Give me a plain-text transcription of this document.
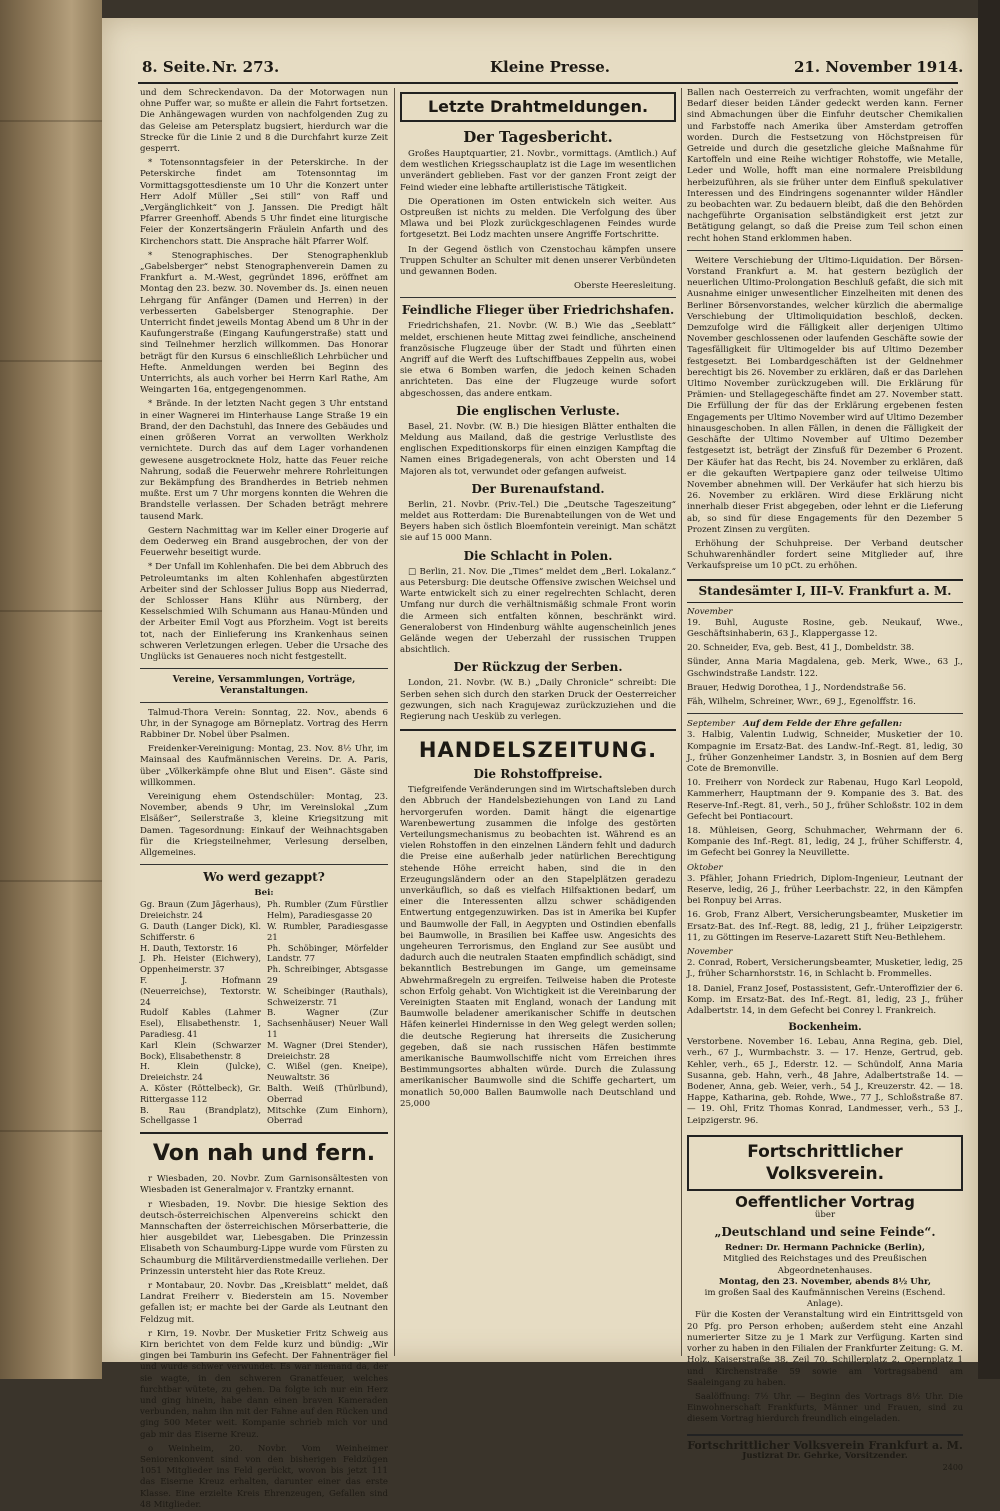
8. Seite. Nr. 273.	Kleine Presse.	21. November 1914.

und dem Schreckendavon. Da der Motorwagen nun ohne Puffer war, so mußte er allein die Fahrt fortsetzen. Die Anhängewagen wurden von nachfolgenden Zug zu das Geleise am Petersplatz bugsiert, hierdurch war die Strecke für die Linie 2 und 8 die Durchfahrt kurze Zeit gesperrt.

* Totensonntagsfeier in der Peterskirche. In der Peterskirche findet am Totensonntag im Vormittagsgottesdienste um 10 Uhr die Konzert unter Herr Adolf Müller „Sei still“ von Raff und „Vergänglichkeit“ von J. Janssen. Die Predigt hält Pfarrer Greenhoff. Abends 5 Uhr findet eine liturgische Feier der Konzertsängerin Fräulein Anfarth und des Kirchenchors statt. Die Ansprache hält Pfarrer Wolf.

* Stenographisches. Der Stenographenklub „Gabelsberger“ nebst Stenographenverein Damen zu Frankfurt a. M.-West, gegründet 1896, eröffnet am Montag den 23. bezw. 30. November ds. Js. einen neuen Lehrgang für Anfänger (Damen und Herren) in der verbesserten Gabelsberger Stenographie. Der Unterricht findet jeweils Montag Abend um 8 Uhr in der Kaufungerstraße (Eingang Kaufungerstraße) statt und sind Teilnehmer herzlich willkommen. Das Honorar beträgt für den Kursus 6 einschließlich Lehrbücher und Hefte. Anmeldungen werden bei Beginn des Unterrichts, als auch vorher bei Herrn Karl Rathe, Am Weingarten 16a, entgegengenommen.

* Brände. In der letzten Nacht gegen 3 Uhr entstand in einer Wagnerei im Hinterhause Lange Straße 19 ein Brand, der den Dachstuhl, das Innere des Gebäudes und einen größeren Vorrat an verwollten Werkholz vernichtete. Durch das auf dem Lager vorhandenen gewesene ausgetrocknete Holz, hatte das Feuer reiche Nahrung, sodaß die Feuerwehr mehrere Rohrleitungen zur Bekämpfung des Brandherdes in Betrieb nehmen mußte. Erst um 7 Uhr morgens konnten die Wehren die Brandstelle verlassen. Der Schaden beträgt mehrere tausend Mark.

Gestern Nachmittag war im Keller einer Drogerie auf dem Oederweg ein Brand ausgebrochen, der von der Feuerwehr beseitigt wurde.

* Der Unfall im Kohlenhafen. Die bei dem Abbruch des Petroleumtanks im alten Kohlenhafen abgestürzten Arbeiter sind der Schlosser Julius Bopp aus Niederrad, der Schlosser Hans Klühr aus Nürnberg, der Kesselschmied Wilh Schumann aus Hanau-Münden und der Arbeiter Emil Vogt aus Pforzheim. Vogt ist bereits tot, nach der Einlieferung ins Krankenhaus seinen schweren Verletzungen erlegen. Ueber die Ursache des Unglücks ist Genaueres noch nicht festgestellt.

Vereine, Versammlungen, Vorträge, Veranstaltungen.

Talmud-Thora Verein: Sonntag, 22. Nov., abends 6 Uhr, in der Synagoge am Börneplatz. Vortrag des Herrn Rabbiner Dr. Nobel über Psalmen.

Freidenker-Vereinigung: Montag, 23. Nov. 8½ Uhr, im Mainsaal des Kaufmännischen Vereins. Dr. A. Paris, über „Völkerkämpfe ohne Blut und Eisen“. Gäste sind willkommen.

Vereinigung ehem Ostendschüler: Montag, 23. November, abends 9 Uhr, im Vereinslokal „Zum Elsäßer“, Seilerstraße 3, kleine Kriegsitzung mit Damen. Tagesordnung: Einkauf der Weihnachtsgaben für die Kriegsteilnehmer, Verlesung derselben, Allgemeines.

Wo werd gezappt?
Bei:
Gg. Braun (Zum Jägerhaus), Dreieichstr. 24
G. Dauth (Langer Dick), Kl. Schifferstr. 6
H. Dauth, Textorstr. 16
J. Ph. Heister (Eichwery), Oppenheimerstr. 37
F. J. Hofmann (Neuerreichse), Textorstr. 24
Rudolf Kables (Lahmer Esel), Elisabethenstr. 1, Paradiesg. 41
Karl Klein (Schwarzer Bock), Elisabethenstr. 8
H. Klein (Julcke), Dreieichstr. 24
A. Köster (Röttelbeck), Gr. Rittergasse 112
B. Rau (Brandplatz), Schellgasse 1
Ph. Rumbler (Zum Fürstlier Helm), Paradiesgasse 20
W. Rumbler, Paradiesgasse 21
Ph. Schöbinger, Mörfelder Landstr. 77
Ph. Schreibinger, Abtsgasse 29
W. Scheibinger (Rauthals), Schweizerstr. 71
B. Wagner (Zur Sachsenhäuser) Neuer Wall 11
M. Wagner (Drei Stender), Dreieichstr. 28
C. Wißel (gen. Kneipe), Neuwaltstr. 36
Balth. Weiß (Thürlbund), Oberrad
Mitschke (Zum Einhorn), Oberrad
Von nah und fern.

r Wiesbaden, 20. Novbr. Zum Garnisonsältesten von Wiesbaden ist Generalmajor v. Frantzky ernannt.

r Wiesbaden, 19. Novbr. Die hiesige Sektion des deutsch-österreichischen Alpenvereins schickt den Mannschaften der österreichischen Mörserbatterie, die hier ausgebildet war, Liebesgaben. Die Prinzessin Elisabeth von Schaumburg-Lippe wurde vom Fürsten zu Schaumburg die Militärverdienstmedaille verliehen. Der Prinzessin untersteht hier das Rote Kreuz.

r Montabaur, 20. Novbr. Das „Kreisblatt“ meldet, daß Landrat Freiherr v. Biederstein am 15. November gefallen ist; er machte bei der Garde als Leutnant den Feldzug mit.

r Kirn, 19. Novbr. Der Musketier Fritz Schweig aus Kirn berichtet von dem Felde kurz und bündig: „Wir gingen bei Tamburin ins Gefecht. Der Fahnenträger fiel und wurde schwer verwundet. Es war niemand da, der sie wagte, in den schweren Granatfeuer, welches furchtbar wütete, zu gehen. Da folgte ich nur ein Herz und ging hinein, habe dann einen braven Kameraden verbunden, nahm ihn mit der Fahne auf den Rücken und ging 500 Meter weit. Kompanie schrieb mich vor und gab mir das Eiserne Kreuz.

o Weinheim, 20. Novbr. Vom Weinheimer Seniorenkonvent sind von den bisherigen Feldzügen 1051 Mitglieder ins Feld gerückt, wovon bis jetzt 111 das Eiserne Kreuz erhalten, darunter einer das erste Klasse. Eine erzielte Kreis Ehrenzeugen, Gefallen sind 48 Mitglieder.

Letzte Drahtmeldungen.
Der Tagesbericht.

Großes Hauptquartier, 21. Novbr., vormittags. (Amtlich.) Auf dem westlichen Kriegsschauplatz ist die Lage im wesentlichen unverändert geblieben. Fast vor der ganzen Front zeigt der Feind wieder eine lebhafte artilleristische Tätigkeit.

Die Operationen im Osten entwickeln sich weiter. Aus Ostpreußen ist nichts zu melden. Die Verfolgung des über Mlawa und bei Plozk zurückgeschlagenen Feindes wurde fortgesetzt. Bei Lodz machten unsere Angriffe Fortschritte.

In der Gegend östlich von Czenstochau kämpfen unsere Truppen Schulter an Schulter mit denen unserer Verbündeten und gewannen Boden.

Oberste Heeresleitung.

Feindliche Flieger über Friedrichshafen.

Friedrichshafen, 21. Novbr. (W. B.) Wie das „Seeblatt“ meldet, erschienen heute Mittag zwei feindliche, anscheinend französische Flugzeuge über der Stadt und führten einen Angriff auf die Werft des Luftschiffbaues Zeppelin aus, wobei sie etwa 6 Bomben warfen, die jedoch keinen Schaden anrichteten. Das eine der Flugzeuge wurde sofort abgeschossen, das andere entkam.

Die englischen Verluste.

Basel, 21. Novbr. (W. B.) Die hiesigen Blätter enthalten die Meldung aus Mailand, daß die gestrige Verlustliste des englischen Expeditionskorps für einen einzigen Kampftag die Namen eines Brigadegenerals, von acht Obersten und 14 Majoren als tot, verwundet oder gefangen aufweist.

Der Burenaufstand.

Berlin, 21. Novbr. (Priv.-Tel.) Die „Deutsche Tageszeitung“ meldet aus Rotterdam: Die Burenabteilungen von de Wet und Beyers haben sich östlich Bloemfontein vereinigt. Man schätzt sie auf 15 000 Mann.

Die Schlacht in Polen.

□ Berlin, 21. Nov. Die „Times“ meldet dem „Berl. Lokalanz.“ aus Petersburg: Die deutsche Offensive zwischen Weichsel und Warte entwickelt sich zu einer regelrechten Schlacht, deren Umfang nur durch die verhältnismäßig schmale Front worin die Armeen sich entfalten können, beschränkt wird. Generaloberst von Hindenburg wählte augenscheinlich jenes Gelände wegen der Ueberzahl der russischen Truppen absichtlich.

Der Rückzug der Serben.

London, 21. Novbr. (W. B.) „Daily Chronicle“ schreibt: Die Serben sehen sich durch den starken Druck der Oesterreicher gezwungen, sich nach Kragujewaz zurückzuziehen und die Regierung nach Uesküb zu verlegen.

HANDELSZEITUNG.
Die Rohstoffpreise.

Tiefgreifende Veränderungen sind im Wirtschaftsleben durch den Abbruch der Handelsbeziehungen von Land zu Land hervorgerufen worden. Damit hängt die eigenartige Warenbewertung zusammen die infolge des gestörten Verteilungsmechanismus zu beobachten ist. Während es an vielen Rohstoffen in den einzelnen Ländern fehlt und dadurch die Preise eine außerhalb jeder natürlichen Berechtigung stehende Höhe erreicht haben, sind die in den Erzeugungsländern oder an den Stapelplätzen geradezu unverkäuflich, so daß es vielfach Hilfsaktionen bedarf, um einer die Interessenten allzu schwer schädigenden Entwertung entgegenzuwirken. Das ist in Amerika bei Kupfer und Baumwolle der Fall, in Aegypten und Ostindien ebenfalls bei Baumwolle, in Brasilien bei Kaffee usw. Angesichts des ungeheuren Terrorismus, den England zur See ausübt und dadurch auch die neutralen Staaten empfindlich schädigt, sind bekanntlich Bestrebungen im Gange, um gemeinsame Abwehrmaßregeln zu ergreifen. Teilweise haben die Proteste schon Erfolg gehabt. Von Wichtigkeit ist die Vereinbarung der Vereinigten Staaten mit England, wonach der Landung mit Baumwolle beladener amerikanischer Schiffe in deutschen Häfen keinerlei Hindernisse in den Weg gelegt werden sollen; die deutsche Regierung hat ihrerseits die Zusicherung gegeben, daß sie nach russischen Häfen bestimmte amerikanische Baumwollschiffe nicht vom Erreichen ihres Bestimmungsortes abhalten würde. Durch die Zulassung amerikanischer Baumwolle sind die Schiffe gechartert, um monatlich 50,000 Ballen Baumwolle nach Deutschland und 25,000

Ballen nach Oesterreich zu verfrachten, womit ungefähr der Bedarf dieser beiden Länder gedeckt werden kann. Ferner sind Abmachungen über die Einfuhr deutscher Chemikalien und Farbstoffe nach Amerika über Amsterdam getroffen worden. Durch die Festsetzung von Höchstpreisen für Getreide und durch die gesetzliche gleiche Maßnahme für Kartoffeln und eine Reihe wichtiger Rohstoffe, wie Metalle, Leder und Wolle, hofft man eine normalere Preisbildung herbeizuführen, als sie früher unter dem Einfluß spekulativer Interessen und des Eindringens sogenannter wilder Händler zu beobachten war. Zu bedauern bleibt, daß die den Behörden nachgeführte Organisation selbständigkeit erst jetzt zur Betätigung gelangt, so daß die Preise zum Teil schon einen recht hohen Stand erklommen haben.

Weitere Verschiebung der Ultimo-Liquidation. Der Börsen-Vorstand Frankfurt a. M. hat gestern bezüglich der neuerlichen Ultimo-Prolongation Beschluß gefaßt, die sich mit Ausnahme einiger unwesentlicher Einzelheiten mit denen des Berliner Börsenvorstandes, welcher kürzlich die abermalige Verschiebung der Ultimoliquidation beschloß, decken. Demzufolge wird die Fälligkeit aller derjenigen Ultimo November geschlossenen oder laufenden Geschäfte sowie der Tagesfälligkeit für Ultimogelder bis auf Ultimo Dezember festgesetzt. Bei Lombardgeschäften ist der Geldnehmer berechtigt bis 26. November zu erklären, daß er das Darlehen Ultimo November zurückzugeben will. Die Erklärung für Prämien- und Stellagegeschäfte findet am 27. November statt. Die Erfüllung der für das der Erklärung ergebenen festen Engagements per Ultimo November wird auf Ultimo Dezember hinausgeschoben. In allen Fällen, in denen die Fälligkeit der Geschäfte der Ultimo November auf Ultimo Dezember festgesetzt ist, beträgt der Zinsfuß für Dezember 6 Prozent. Der Käufer hat das Recht, bis 24. November zu erklären, daß er die gekauften Wertpapiere ganz oder teilweise Ultimo November abnehmen will. Der Verkäufer hat sich hierzu bis 26. November zu erklären. Wird diese Erklärung nicht innerhalb dieser Frist abgegeben, oder lehnt er die Lieferung ab, so sind für diese Engagements für den Dezember 5 Prozent Zinsen zu vergüten.

Erhöhung der Schuhpreise. Der Verband deutscher Schuhwarenhändler fordert seine Mitglieder auf, ihre Verkaufspreise um 10 pCt. zu erhöhen.

Standesämter I, III–V. Frankfurt a. M.
November

19. Buhl, Auguste Rosine, geb. Neukauf, Wwe., Geschäftsinhaberin, 63 J., Klappergasse 12.

20. Schneider, Eva, geb. Best, 41 J., Dombeldstr. 38.

Sünder, Anna Maria Magdalena, geb. Merk, Wwe., 63 J., Gschwindstraße Landstr. 122.

Brauer, Hedwig Dorothea, 1 J., Nordendstraße 56.

Fäh, Wilhelm, Schreiner, Wwr., 69 J., Egenolffstr. 16.

September Auf dem Felde der Ehre gefallen:

3. Halbig, Valentin Ludwig, Schneider, Musketier der 10. Kompagnie im Ersatz-Bat. des Landw.-Inf.-Regt. 81, ledig, 30 J., früher Gonzenheimer Landstr. 3, in Bosnien auf dem Berg Cote de Bremonville.

10. Freiherr von Nordeck zur Rabenau, Hugo Karl Leopold, Kammerherr, Hauptmann der 9. Kompanie des 3. Bat. des Reserve-Inf.-Regt. 81, verh., 50 J., früher Schloßstr. 102 in dem Gefecht bei Pontiacourt.

18. Mühleisen, Georg, Schuhmacher, Wehrmann der 6. Kompanie des Inf.-Regt. 81, ledig, 24 J., früher Schifferstr. 4, im Gefecht bei Gonrey la Neuvillette.

Oktober

3. Pfähler, Johann Friedrich, Diplom-Ingenieur, Leutnant der Reserve, ledig, 26 J., früher Leerbachstr. 22, in den Kämpfen bei Ronpuy bei Arras.

16. Grob, Franz Albert, Versicherungsbeamter, Musketier im Ersatz-Bat. des Inf.-Regt. 88, ledig, 21 J., früher Leipzigerstr. 11, zu Göttingen im Reserve-Lazarett Stift Neu-Bethlehem.

November

2. Conrad, Robert, Versicherungsbeamter, Musketier, ledig, 25 J., früher Scharnhorststr. 16, in Schlacht b. Frommelles.

18. Daniel, Franz Josef, Postassistent, Gefr.-Unteroffizier der 6. Komp. im Ersatz-Bat. des Inf.-Regt. 81, ledig, 23 J., früher Adalbertstr. 14, in dem Gefecht bei Conrey l. Frankreich.

Bockenheim.

Verstorbene. November 16. Lebau, Anna Regina, geb. Diel, verh., 67 J., Wurmbachstr. 3. — 17. Henze, Gertrud, geb. Kehler, verh., 65 J., Ederstr. 12. — Schündolf, Anna Maria Susanna, geb. Hahn, verh., 48 Jahre, Adalbertstraße 14. — Bodener, Anna, geb. Weier, verh., 54 J., Kreuzerstr. 42. — 18. Happe, Katharina, geb. Rohde, Wwe., 77 J., Schloßstraße 87. — 19. Ohl, Fritz Thomas Konrad, Landmesser, verh., 53 J., Leipzigerstr. 96.

Fortschrittlicher Volksverein.
Oeffentlicher Vortrag
über
„Deutschland und seine Feinde“.
Redner: Dr. Hermann Pachnicke (Berlin),
Mitglied des Reichstages und des Preußischen Abgeordnetenhauses.
Montag, den 23. November, abends 8½ Uhr,
im großen Saal des Kaufmännischen Vereins (Eschend. Anlage).

Für die Kosten der Veranstaltung wird ein Eintrittsgeld von 20 Pfg. pro Person erhoben; außerdem steht eine Anzahl numerierter Sitze zu je 1 Mark zur Verfügung. Karten sind vorher zu haben in den Filialen der Frankfurter Zeitung: G. M. Holz, Kaiserstraße 38, Zeil 70, Schillerplatz 2, Opernplatz 1 und Kirchenstraße 59 sowie am Vortragsabend am Saaleingang zu haben.

Saalöffnung: 7½ Uhr. — Beginn des Vortrags 8½ Uhr. Die Einwohnerschaft Frankfurts, Männer und Frauen, sind zu diesem Vortrag hierdurch freundlich eingeladen.

Fortschrittlicher Volksverein Frankfurt a. M.
Justizrat Dr. Gehrke, Vorsitzender.
2400
